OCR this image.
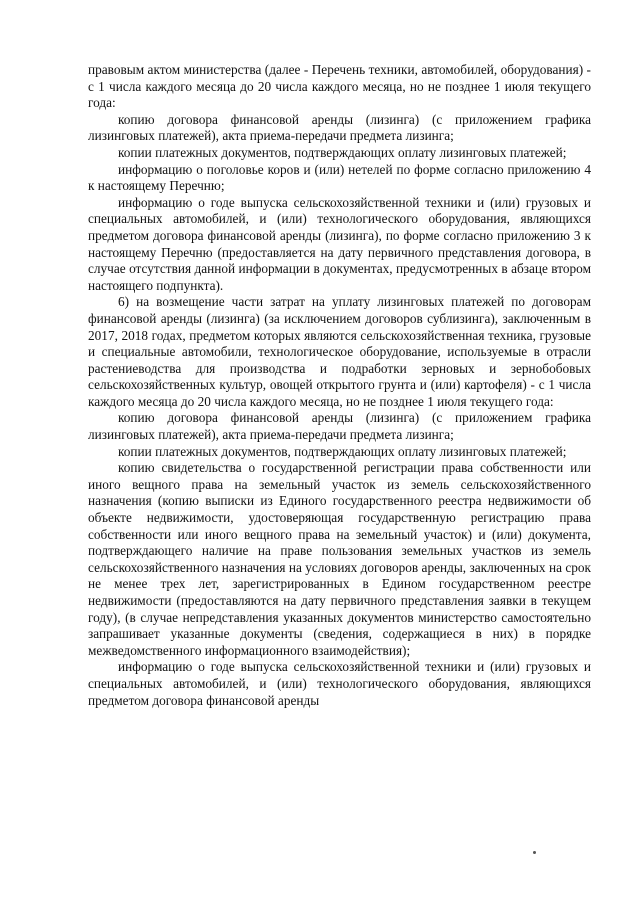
правовым актом министерства (далее - Перечень техники, автомобилей, оборудования) - с 1 числа каждого месяца до 20 числа каждого месяца, но не позднее 1 июля текущего года:

копию договора финансовой аренды (лизинга) (с приложением графика лизинговых платежей), акта приема-передачи предмета лизинга;

копии платежных документов, подтверждающих оплату лизинговых платежей;

информацию о поголовье коров и (или) нетелей по форме согласно приложению 4 к настоящему Перечню;

информацию о годе выпуска сельскохозяйственной техники и (или) грузовых и специальных автомобилей, и (или) технологического оборудования, являющихся предметом договора финансовой аренды (лизинга), по форме согласно приложению 3 к настоящему Перечню (предоставляется на дату первичного представления договора, в случае отсутствия данной информации в документах, предусмотренных в абзаце втором настоящего подпункта).

6) на возмещение части затрат на уплату лизинговых платежей по договорам финансовой аренды (лизинга) (за исключением договоров сублизинга), заключенным в 2017, 2018 годах, предметом которых являются сельскохозяйственная техника, грузовые и специальные автомобили, технологическое оборудование, используемые в отрасли растениеводства для производства и подработки зерновых и зернобобовых сельскохозяйственных культур, овощей открытого грунта и (или) картофеля) - с 1 числа каждого месяца до 20 числа каждого месяца, но не позднее 1 июля текущего года:

копию договора финансовой аренды (лизинга) (с приложением графика лизинговых платежей), акта приема-передачи предмета лизинга;

копии платежных документов, подтверждающих оплату лизинговых платежей;

копию свидетельства о государственной регистрации права собственности или иного вещного права на земельный участок из земель сельскохозяйственного назначения (копию выписки из Единого государственного реестра недвижимости об объекте недвижимости, удостоверяющая государственную регистрацию права собственности или иного вещного права на земельный участок) и (или) документа, подтверждающего наличие на праве пользования земельных участков из земель сельскохозяйственного назначения на условиях договоров аренды, заключенных на срок не менее трех лет, зарегистрированных в Едином государственном реестре недвижимости (предоставляются на дату первичного представления заявки в текущем году), (в случае непредставления указанных документов министерство самостоятельно запрашивает указанные документы (сведения, содержащиеся в них) в порядке межведомственного информационного взаимодействия);

информацию о годе выпуска сельскохозяйственной техники и (или) грузовых и специальных автомобилей, и (или) технологического оборудования, являющихся предметом договора финансовой аренды
